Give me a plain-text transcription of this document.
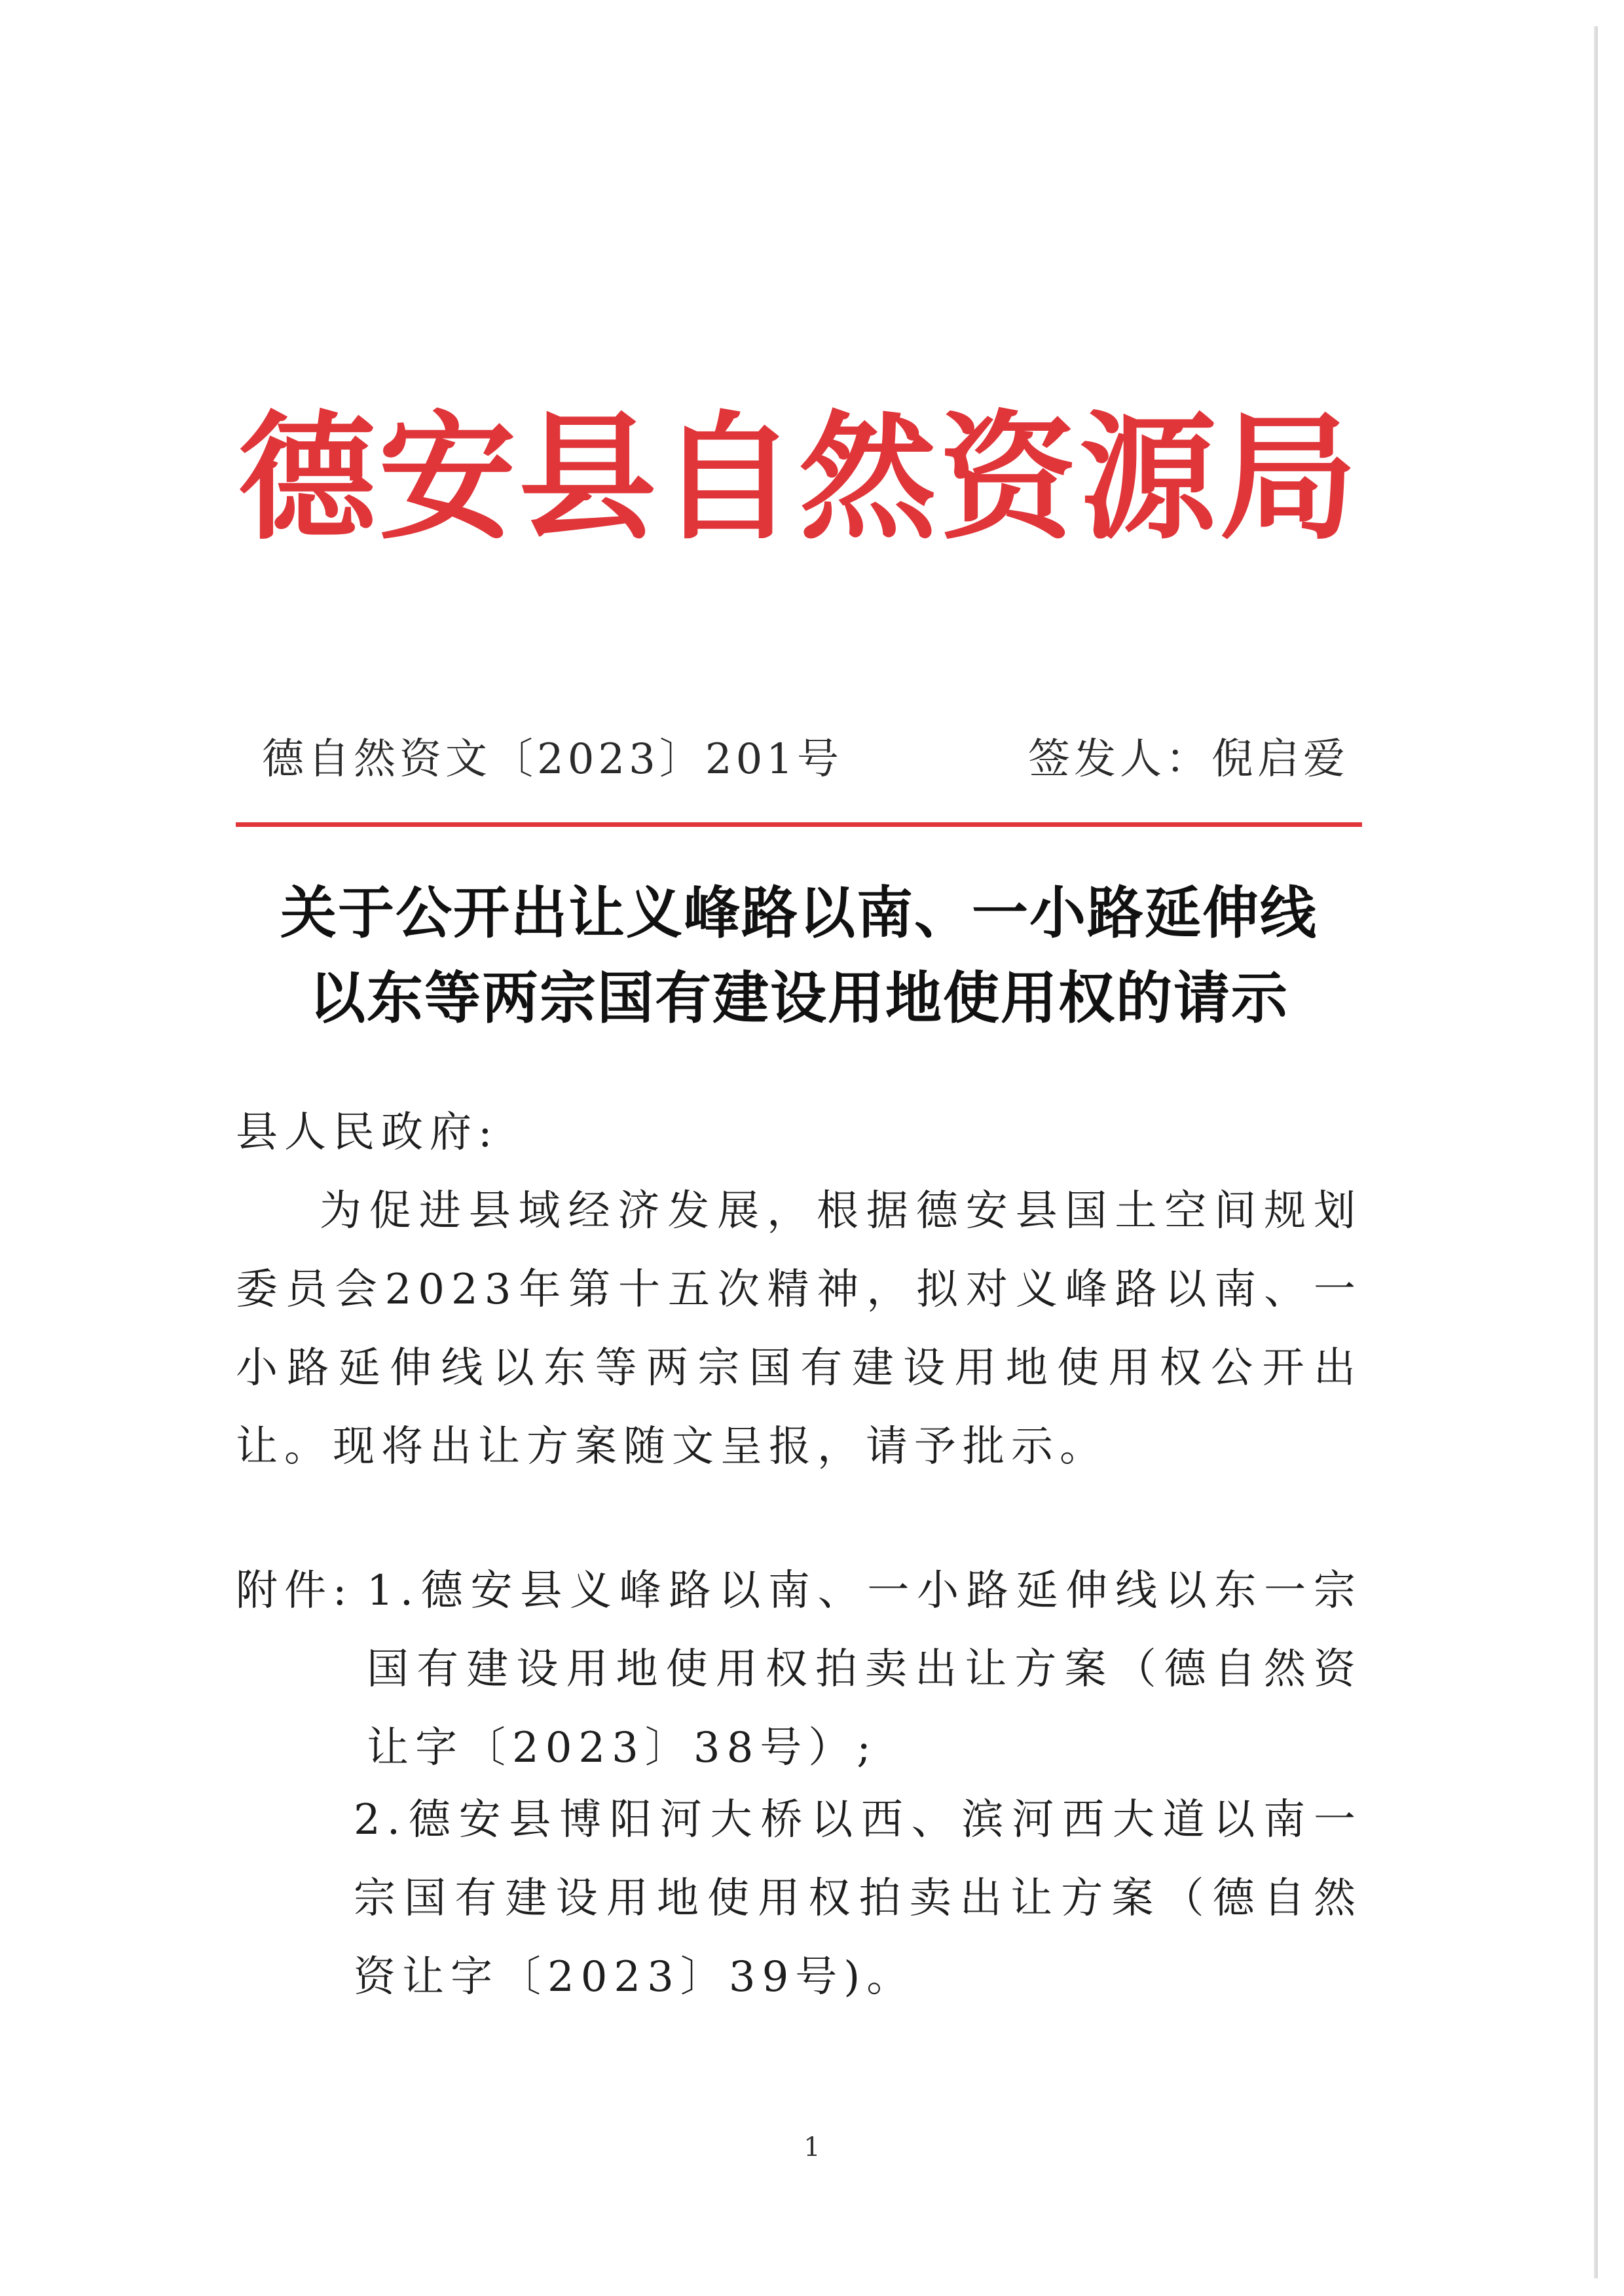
德安县自然资源局
德自然资文〔2023〕201号	签发人：倪启爱
关于公开出让义峰路以南、一小路延伸线
以东等两宗国有建设用地使用权的请示
县人民政府:
为促进县域经济发展，根据德安县国土空间规划委员会2023年第十五次精神，拟对义峰路以南、一小路延伸线以东等两宗国有建设用地使用权公开出让。现将出让方案随文呈报，请予批示。
附件: 1.德安县义峰路以南、一小路延伸线以东一宗国有建设用地使用权拍卖出让方案（德自然资让字〔2023〕38号）;
2.德安县博阳河大桥以西、滨河西大道以南一宗国有建设用地使用权拍卖出让方案（德自然资让字〔2023〕39号)。
1
